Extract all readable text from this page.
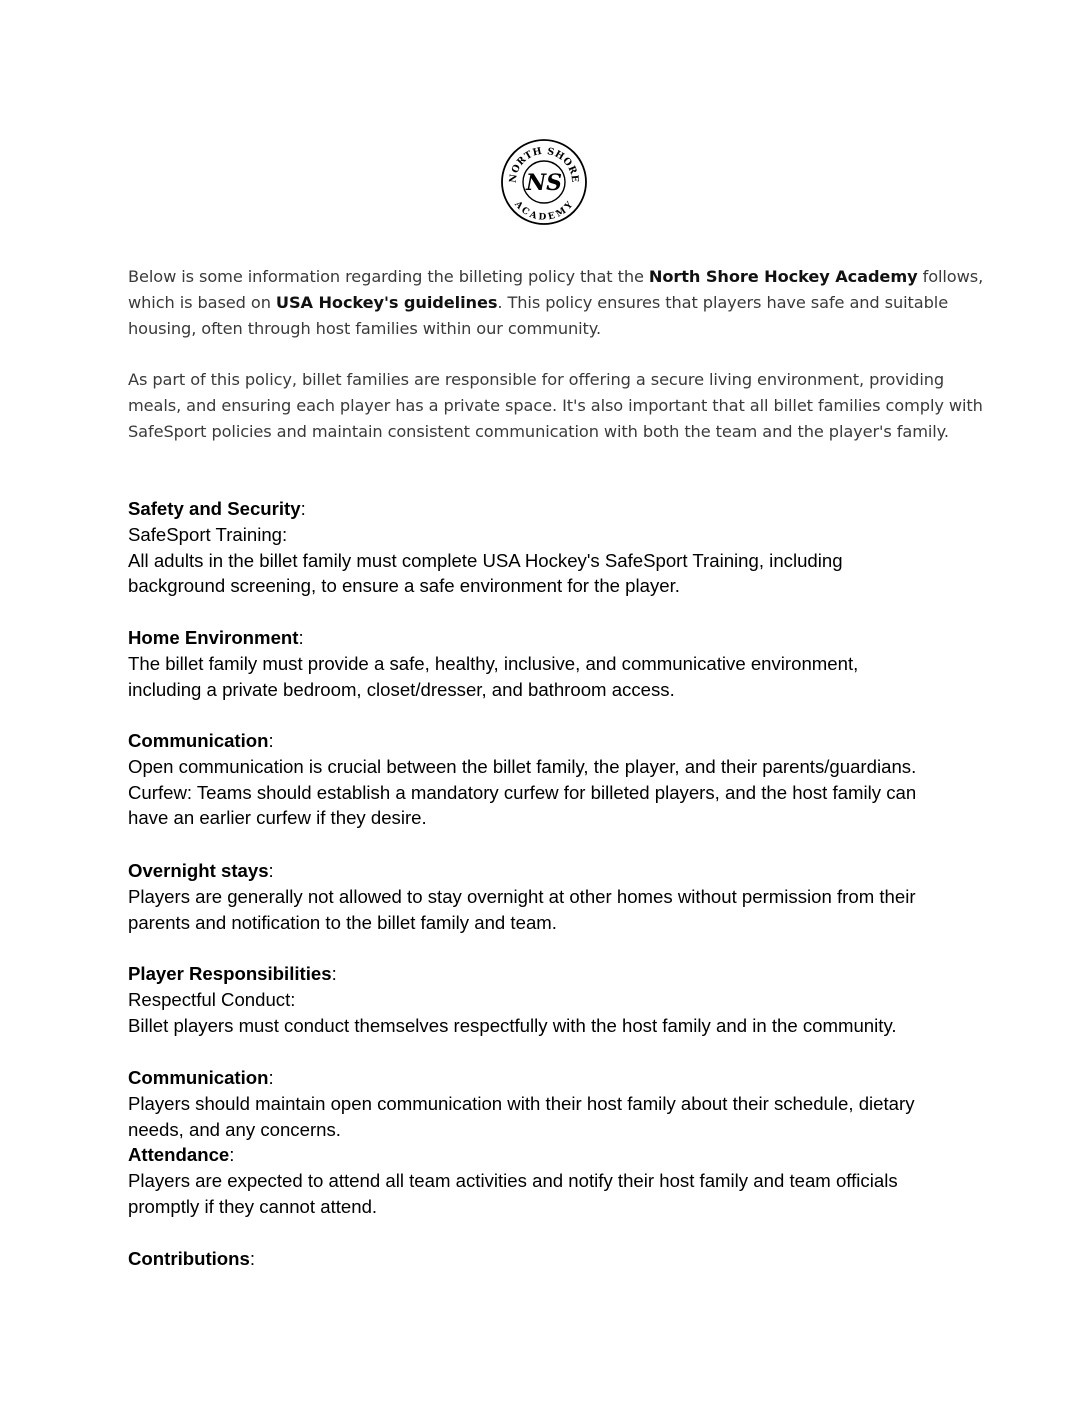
NORTH SHORE
ACADEMY
NS
Below is some information regarding the billeting policy that the North Shore Hockey Academy follows, which is based on USA Hockey's guidelines. This policy ensures that players have safe and suitable housing, often through host families within our community.
As part of this policy, billet families are responsible for offering a secure living environment, providing meals, and ensuring each player has a private space. It's also important that all billet families comply with SafeSport policies and maintain consistent communication with both the team and the player's family.
Safety and Security:
SafeSport Training:
All adults in the billet family must complete USA Hockey's SafeSport Training, including
background screening, to ensure a safe environment for the player.
Home Environment:
The billet family must provide a safe, healthy, inclusive, and communicative environment,
including a private bedroom, closet/dresser, and bathroom access.
Communication:
Open communication is crucial between the billet family, the player, and their parents/guardians.
Curfew: Teams should establish a mandatory curfew for billeted players, and the host family can
have an earlier curfew if they desire.
Overnight stays:
Players are generally not allowed to stay overnight at other homes without permission from their
parents and notification to the billet family and team.
Player Responsibilities:
Respectful Conduct:
Billet players must conduct themselves respectfully with the host family and in the community.
Communication:
Players should maintain open communication with their host family about their schedule, dietary
needs, and any concerns.
Attendance:
Players are expected to attend all team activities and notify their host family and team officials
promptly if they cannot attend.
Contributions:
